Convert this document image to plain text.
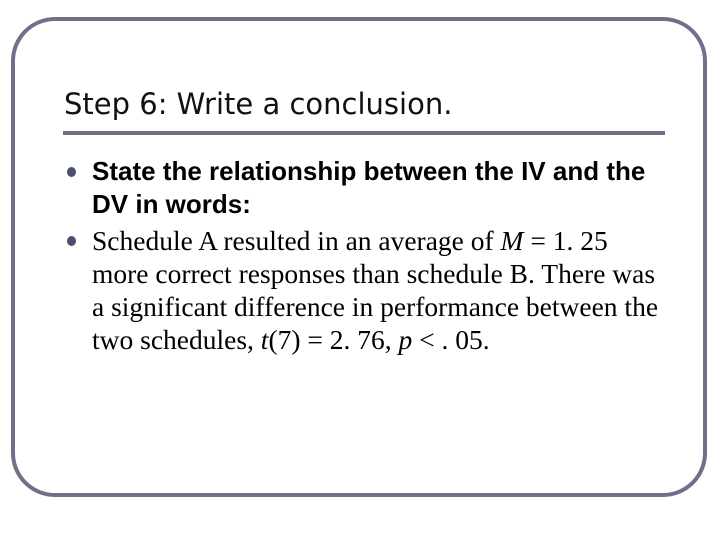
Step 6: Write a conclusion.
State the relationship between the IV and the DV in words:
Schedule A resulted in an average of M = 1. 25 more correct responses than schedule B. There was a significant difference in performance between the two schedules, t(7) = 2. 76, p < . 05.
